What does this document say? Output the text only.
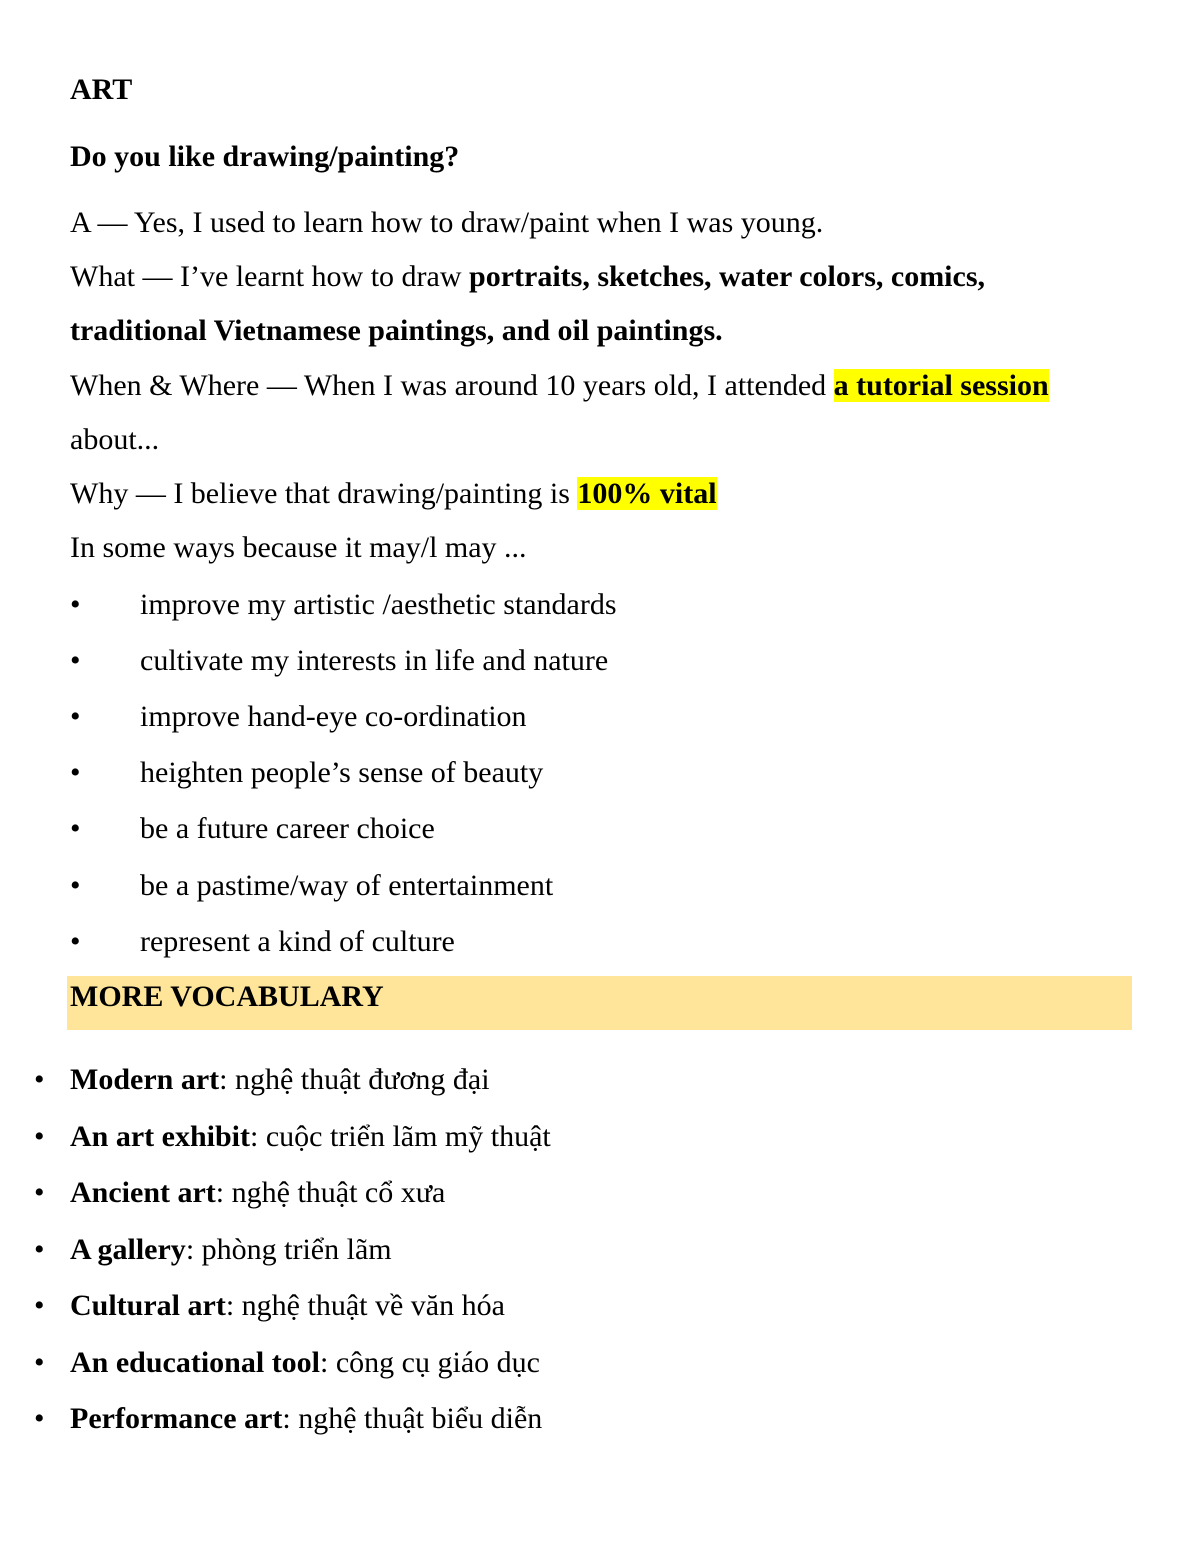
ART
Do you like drawing/painting?
A — Yes, I used to learn how to draw/paint when I was young.
What — I’ve learnt how to draw portraits, sketches, water colors, comics,
traditional Vietnamese paintings, and oil paintings.
When & Where — When I was around 10 years old, I attended a tutorial session
about...
Why — I believe that drawing/painting is 100% vital
In some ways because it may/l may ...
•	improve my artistic /aesthetic standards
•	cultivate my interests in life and nature
•	improve hand-eye co-ordination
•	heighten people’s sense of beauty
•	be a future career choice
•	be a pastime/way of entertainment
•	represent a kind of culture
MORE VOCABULARY
• Modern art: nghệ thuật đương đại
• An art exhibit: cuộc triển lãm mỹ thuật
• Ancient art: nghệ thuật cổ xưa
• A gallery: phòng triển lãm
• Cultural art: nghệ thuật về văn hóa
• An educational tool: công cụ giáo dục
• Performance art: nghệ thuật biểu diễn
